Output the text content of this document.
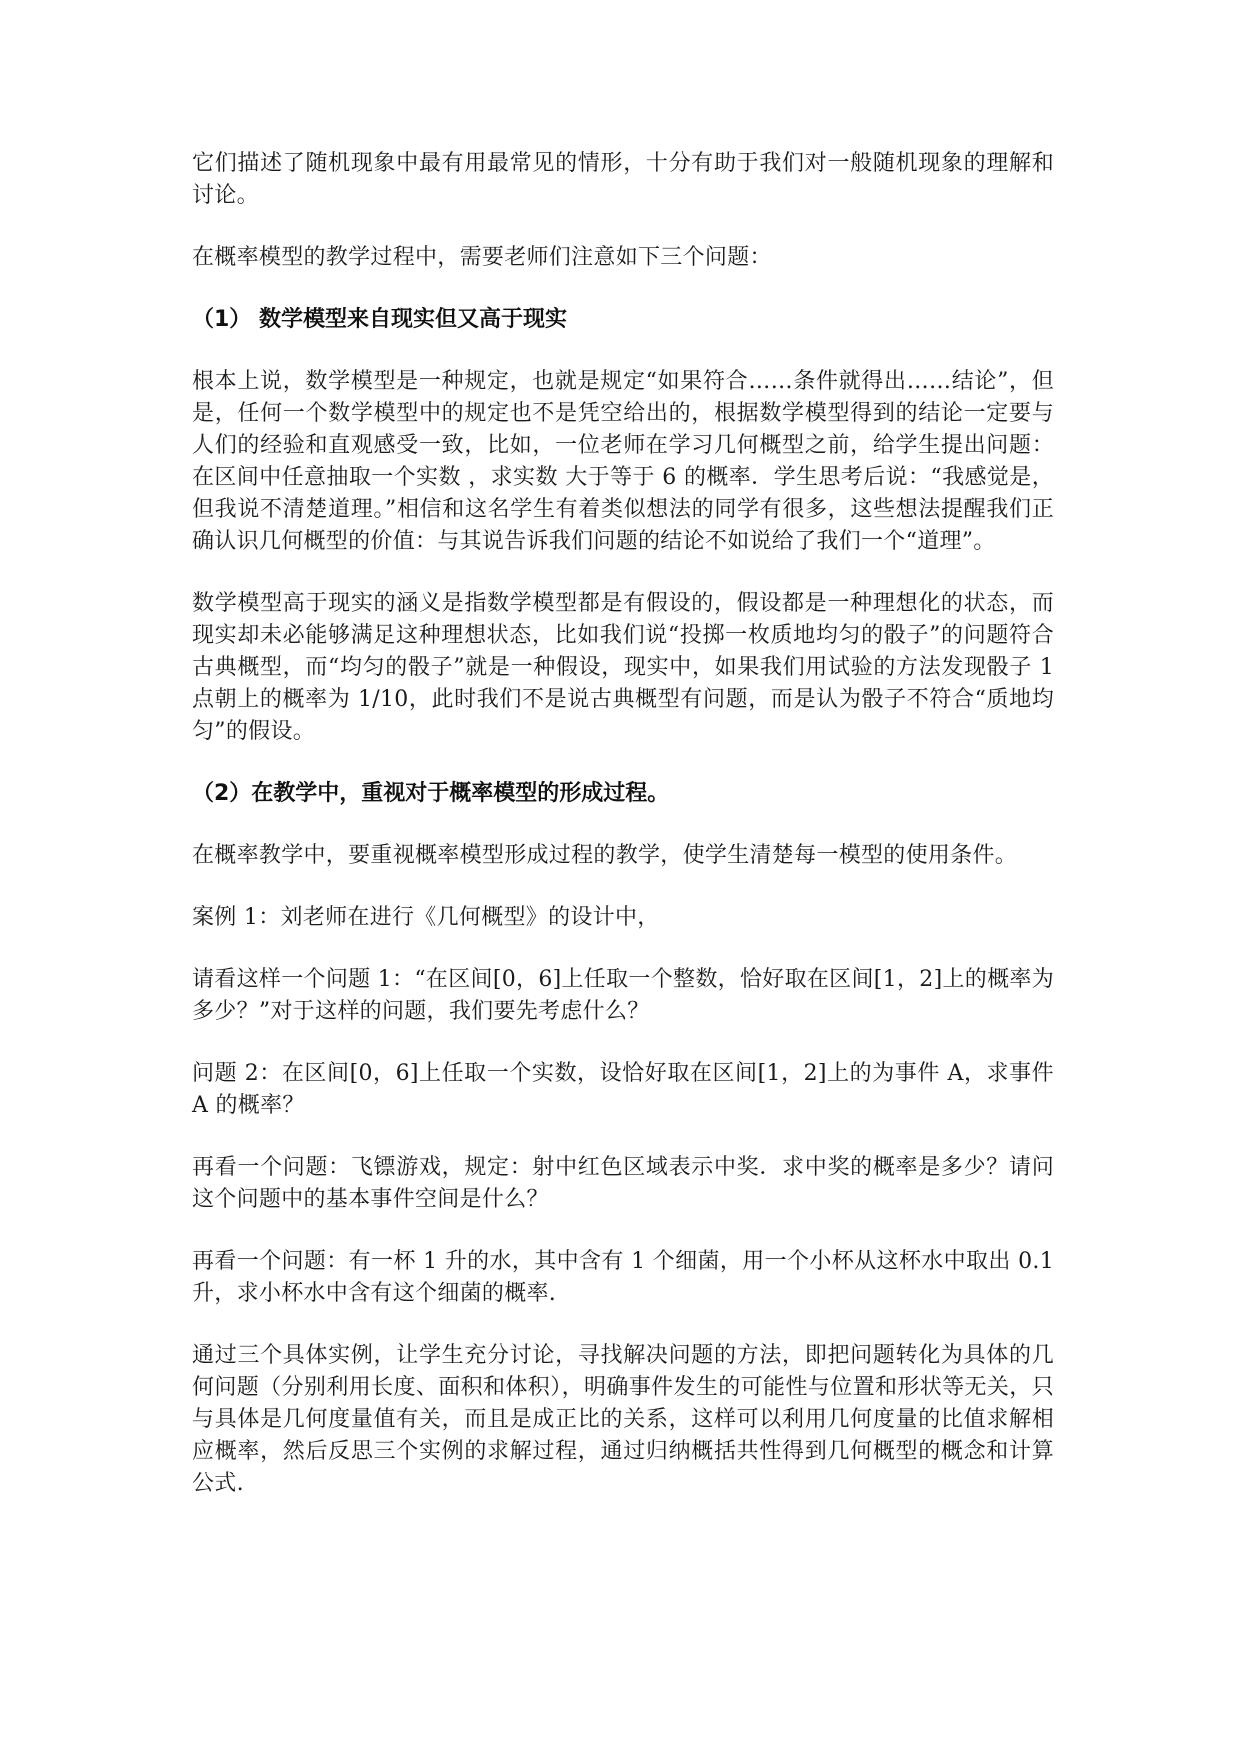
它们描述了随机现象中最有用最常见的情形，十分有助于我们对一般随机现象的理解和讨论。

在概率模型的教学过程中，需要老师们注意如下三个问题：

（1） 数学模型来自现实但又高于现实

根本上说，数学模型是一种规定，也就是规定“如果符合……条件就得出……结论”，但是，任何一个数学模型中的规定也不是凭空给出的，根据数学模型得到的结论一定要与人们的经验和直观感受一致，比如，一位老师在学习几何概型之前，给学生提出问题：在区间中任意抽取一个实数 ，求实数 大于等于 6 的概率．学生思考后说：“我感觉是，但我说不清楚道理。”相信和这名学生有着类似想法的同学有很多，这些想法提醒我们正确认识几何概型的价值：与其说告诉我们问题的结论不如说给了我们一个“道理”。

数学模型高于现实的涵义是指数学模型都是有假设的，假设都是一种理想化的状态，而现实却未必能够满足这种理想状态，比如我们说“投掷一枚质地均匀的骰子”的问题符合古典概型，而“均匀的骰子”就是一种假设，现实中，如果我们用试验的方法发现骰子 1 点朝上的概率为 1/10，此时我们不是说古典概型有问题，而是认为骰子不符合“质地均匀”的假设。

（2）在教学中，重视对于概率模型的形成过程。

在概率教学中，要重视概率模型形成过程的教学，使学生清楚每一模型的使用条件。

案例 1：刘老师在进行《几何概型》的设计中，

请看这样一个问题 1：“在区间[0，6]上任取一个整数，恰好取在区间[1，2]上的概率为多少？”对于这样的问题，我们要先考虑什么？

问题 2：在区间[0，6]上任取一个实数，设恰好取在区间[1，2]上的为事件 A，求事件 A 的概率？

再看一个问题：飞镖游戏，规定：射中红色区域表示中奖．求中奖的概率是多少？请问这个问题中的基本事件空间是什么？

再看一个问题：有一杯 1 升的水，其中含有 1 个细菌，用一个小杯从这杯水中取出 0.1 升，求小杯水中含有这个细菌的概率.

通过三个具体实例，让学生充分讨论，寻找解决问题的方法，即把问题转化为具体的几何问题（分别利用长度、面积和体积），明确事件发生的可能性与位置和形状等无关，只与具体是几何度量值有关，而且是成正比的关系，这样可以利用几何度量的比值求解相应概率，然后反思三个实例的求解过程，通过归纳概括共性得到几何概型的概念和计算公式.
